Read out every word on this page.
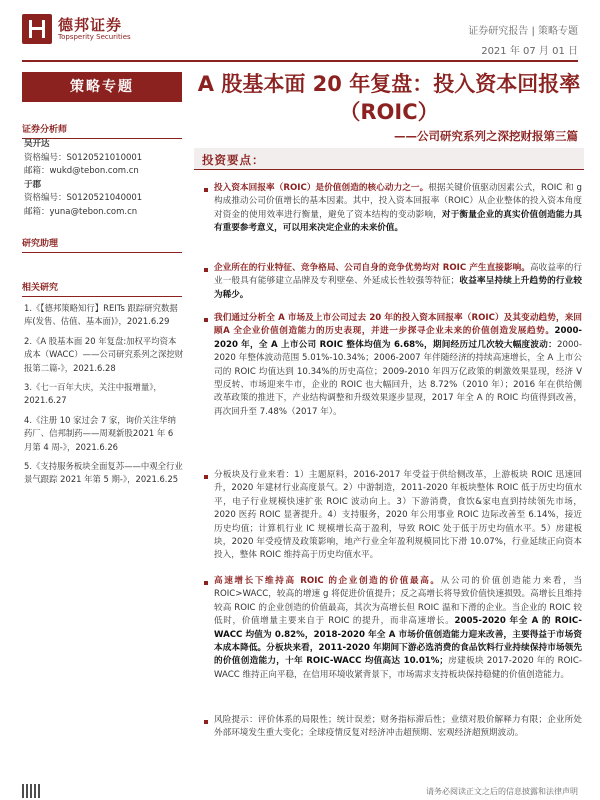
德邦证券
Topsperity Securities	证券研究报告 | 策略专题
2021 年 07 月 01 日
策略专题
证券分析师
吴开达
资格编号：S0120521010001
邮箱：wukd@tebon.com.cn
于郡
资格编号：S0120521040001
邮箱：yuna@tebon.com.cn
研究助理
相关研究
1.《【德邦策略知行】REITs 跟踪研究数据库(发售、估值、基本面)》，2021.6.29
2.《A 股基本面 20 年复盘:加权平均资本成本（WACC）——公司研究系列之深挖财报第二篇-》，2021.6.28
3.《七一百年大庆，关注中报增量》，2021.6.27
4.《注册 10 家过会 7 家，询价关注华纳药厂、信邦制药——周观新股2021 年 6 月第 4 周-》，2021.6.26
5.《支持服务板块全面复苏——中观全行业景气跟踪 2021 年第 5 期-》，2021.6.25
A 股基本面 20 年复盘：投入资本回报率（ROIC）
——公司研究系列之深挖财报第三篇
投资要点：
投入资本回报率（ROIC）是价值创造的核心动力之一。根据关键价值驱动因素公式，ROIC 和 g 构成推动公司价值增长的基本因素。其中，投入资本回报率（ROIC）从企业整体的投入资本角度对资金的使用效率进行衡量，避免了资本结构的变动影响，对于衡量企业的真实价值创造能力具有重要参考意义，可以用来决定企业的未来价值。
企业所在的行业特征、竞争格局、公司自身的竞争优势均对 ROIC 产生直接影响。高收益率的行业一般具有能够建立品牌及专利壁垒、外延成长性较强等特征；收益率呈持续上升趋势的行业较为稀少。
我们通过分析全 A 市场及上市公司过去 20 年的投入资本回报率（ROIC）及其变动趋势，来回顾A 全企业价值创造能力的历史表现，并进一步探寻企业未来的价值创造发展趋势。2000-2020 年，全 A 上市公司 ROIC 整体均值为 6.68%，期间经历过几次较大幅度波动：2000-2020 年整体波动范围 5.01%-10.34%；2006-2007 年伴随经济的持续高速增长，全 A 上市公司的 ROIC 均值达到 10.34%的历史高位；2009-2010 年四万亿政策的刺激效果显现，经济 V 型反转、市场迎来牛市，企业的 ROIC 也大幅回升，达 8.72%（2010 年）；2016 年在供给侧改革政策的推进下，产业结构调整和升级效果逐步显现，2017 年全 A 的 ROIC 均值得到改善，再次回升至 7.48%（2017 年）。
分板块及行业来看：1）主题原料，2016-2017 年受益于供给侧改革，上游板块 ROIC 迅速回升，2020 年建材行业高度景气。2）中游制造，2011-2020 年板块整体 ROIC 低于历史均值水平，电子行业规模快速扩张 ROIC 波动向上。3）下游消费，食饮&家电直到持续领先市场，2020 医药 ROIC 显著提升。4）支持服务，2020 年公用事业 ROIC 边际改善至 6.14%，接近历史均值；计算机行业 IC 规模增长高于盈利，导致 ROIC 处于低于历史均值水平。5）房建板块，2020 年受疫情及政策影响，地产行业全年盈利规模同比下滑 10.07%，行业延续正向资本投入，整体 ROIC 维持高于历史均值水平。
高速增长下维持高 ROIC 的企业创造的价值最高。从公司的价值创造能力来看，当 ROIC>WACC，较高的增速 g 将促进价值提升；反之高增长将导致价值快速损毁。高增长且维持较高 ROIC 的企业创造的价值最高，其次为高增长但 ROIC 温和下滑的企业。当企业的 ROIC 较低时，价值增量主要来自于 ROIC 的提升，而非高速增长。2005-2020 年全 A 的 ROIC-WACC 均值为 0.82%，2018-2020 年全 A 市场价值创造能力迎来改善，主要得益于市场资本成本降低。分板块来看，2011-2020 年期间下游必选消费的食品饮料行业持续保持市场领先的价值创造能力，十年 ROIC-WACC 均值高达 10.01%；房建板块 2017-2020 年的 ROIC-WACC 维持正向平稳，在信用环境收紧背景下，市场需求支持板块保持稳健的价值创造能力。
风险提示：评价体系的局限性；统计误差；财务指标滞后性；业绩对股价解释力有限；企业所处外部环境发生重大变化；全球疫情反复对经济冲击超预期、宏观经济超预期波动。
请务必阅读正文之后的信息披露和法律声明
